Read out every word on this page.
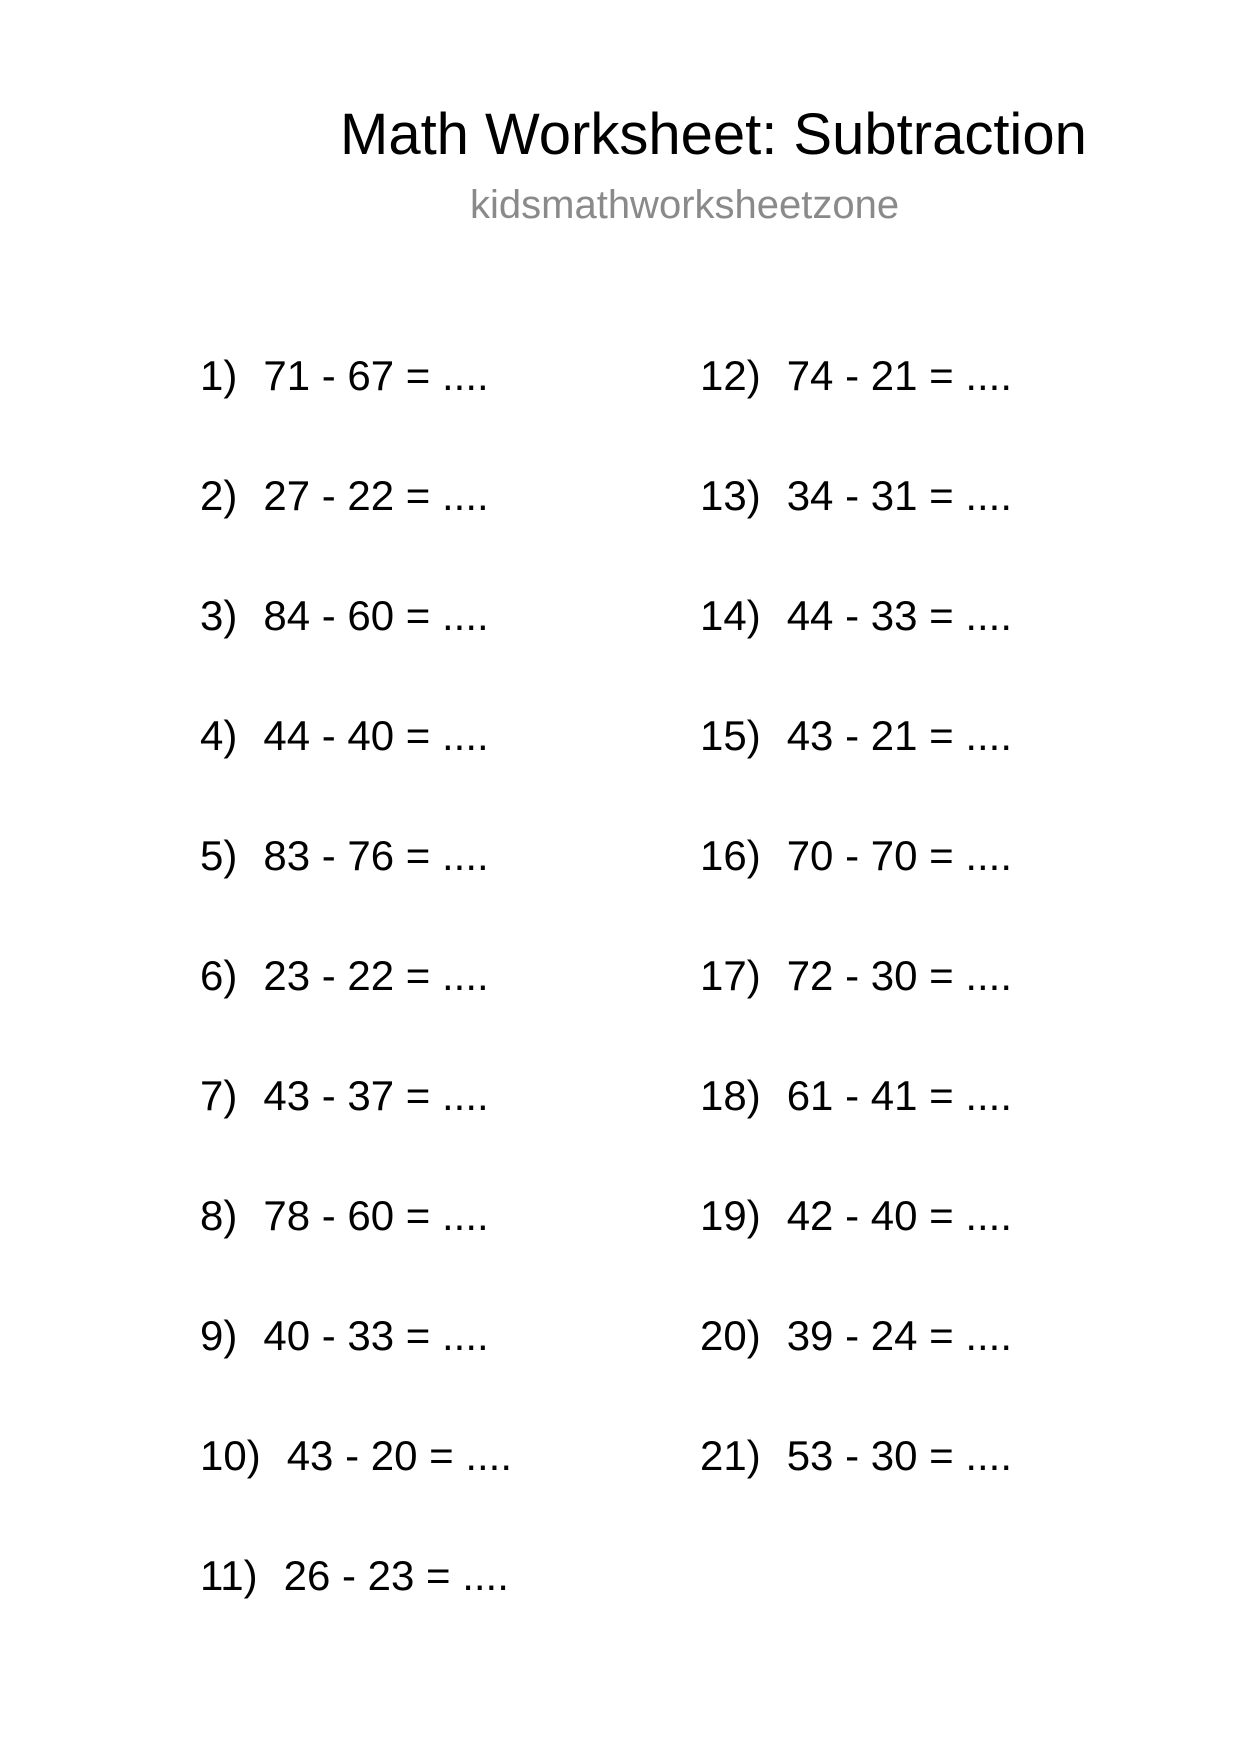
Math Worksheet: Subtraction
kidsmathworksheetzone
1) 71 - 67 = ....
2) 27 - 22 = ....
3) 84 - 60 = ....
4) 44 - 40 = ....
5) 83 - 76 = ....
6) 23 - 22 = ....
7) 43 - 37 = ....
8) 78 - 60 = ....
9) 40 - 33 = ....
10) 43 - 20 = ....
11) 26 - 23 = ....
12) 74 - 21 = ....
13) 34 - 31 = ....
14) 44 - 33 = ....
15) 43 - 21 = ....
16) 70 - 70 = ....
17) 72 - 30 = ....
18) 61 - 41 = ....
19) 42 - 40 = ....
20) 39 - 24 = ....
21) 53 - 30 = ....
